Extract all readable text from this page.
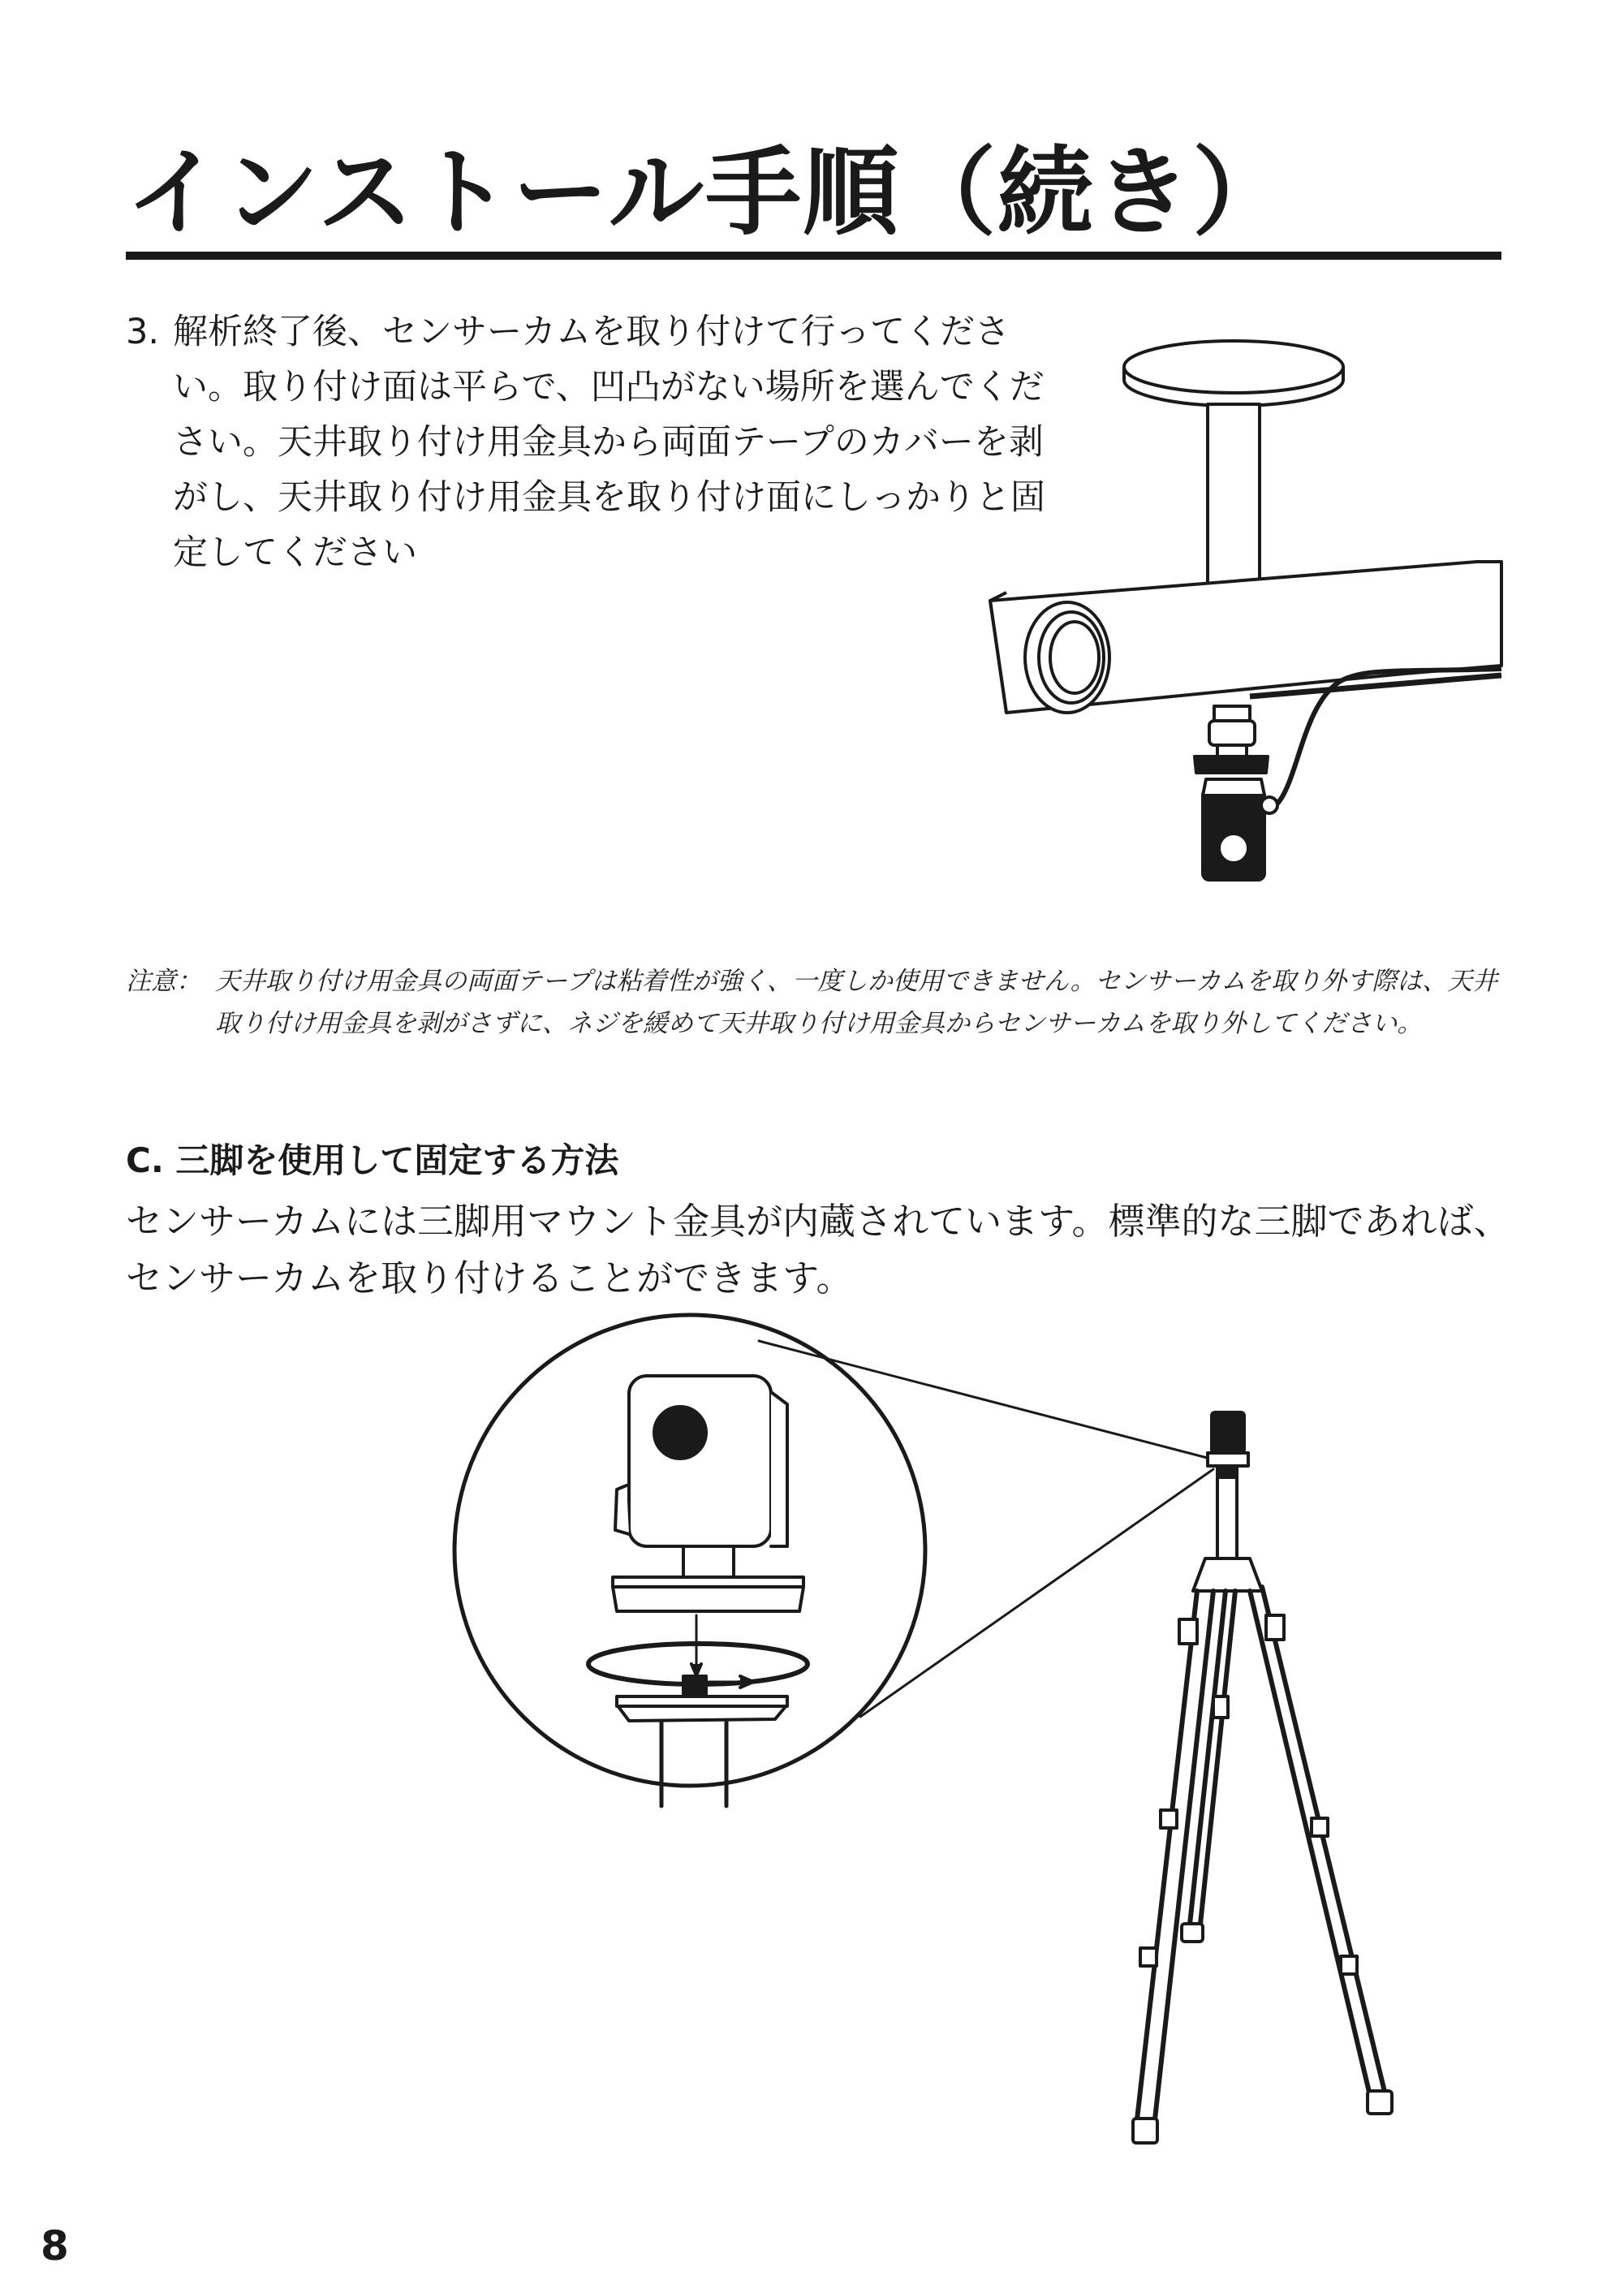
インストール手順（続き）
3. 解析終了後、センサーカムを取り付けて行ってください。取り付け面は平らで、凹凸がない場所を選んでください。天井取り付け用金具から両面テープのカバーを剥がし、天井取り付け用金具を取り付け面にしっかりと固定してください
注意： 天井取り付け用金具の両面テープは粘着性が強く、一度しか使用できません。センサーカムを取り外す際は、天井取り付け用金具を剥がさずに、ネジを緩めて天井取り付け用金具からセンサーカムを取り外してください。
C. 三脚を使用して固定する方法
センサーカムには三脚用マウント金具が内蔵されています。標準的な三脚であれば、センサーカムを取り付けることができます。
8
